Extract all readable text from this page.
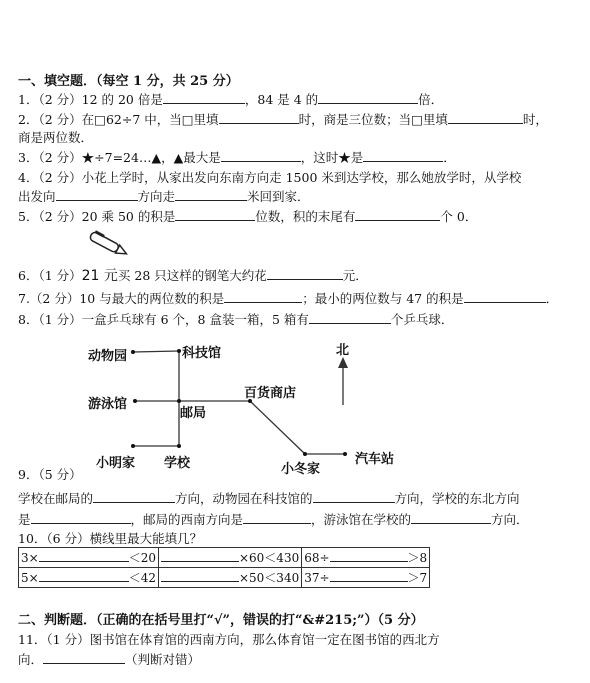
一、填空题．（每空 1 分，共 25 分）
1．（2 分）12 的 20 倍是	，84 是 4 的	倍．
2．（2 分）在□62÷7 中，当□里填	时，商是三位数；当□里填	时，
商是两位数．
3．（2 分）★÷7=24…▲，▲最大是	，这时★是	．
4．（2 分）小花上学时，从家出发向东南方向走 1500 米到达学校，那么她放学时，从学校
出发向	方向走	米回到家．
5．（2 分）20 乘 50 的积是	位数，积的末尾有	个 0．
6．（1 分）21 元买 28 只这样的钢笔大约花	元．
7.（2 分）10 与最大的两位数的积是	；最小的两位数与 47 的积是	．
8．（1 分）一盒乒乓球有 6 个，8 盒装一箱，5 箱有	个乒乓球．
动物园	科技馆
游泳馆
邮局
百货商店
小明家 学校	小冬家
汽车站
北
9．（5 分）
学校在邮局的	方向，动物园在科技馆的	方向，学校的东北方向
是	，邮局的西南方向是	，游泳馆在学校的	方向．
10．（6 分）横线里最大能填几？
3× ＜20	×60＜430	68÷ ＞8
5× ＜42	×50＜340	37÷ ＞7
二、判断题．（正确的在括号里打“√”，错误的打“&#215;”）（5 分）
11．（1 分）图书馆在体育馆的西南方向，那么体育馆一定在图书馆的西北方
向．	（判断对错）
